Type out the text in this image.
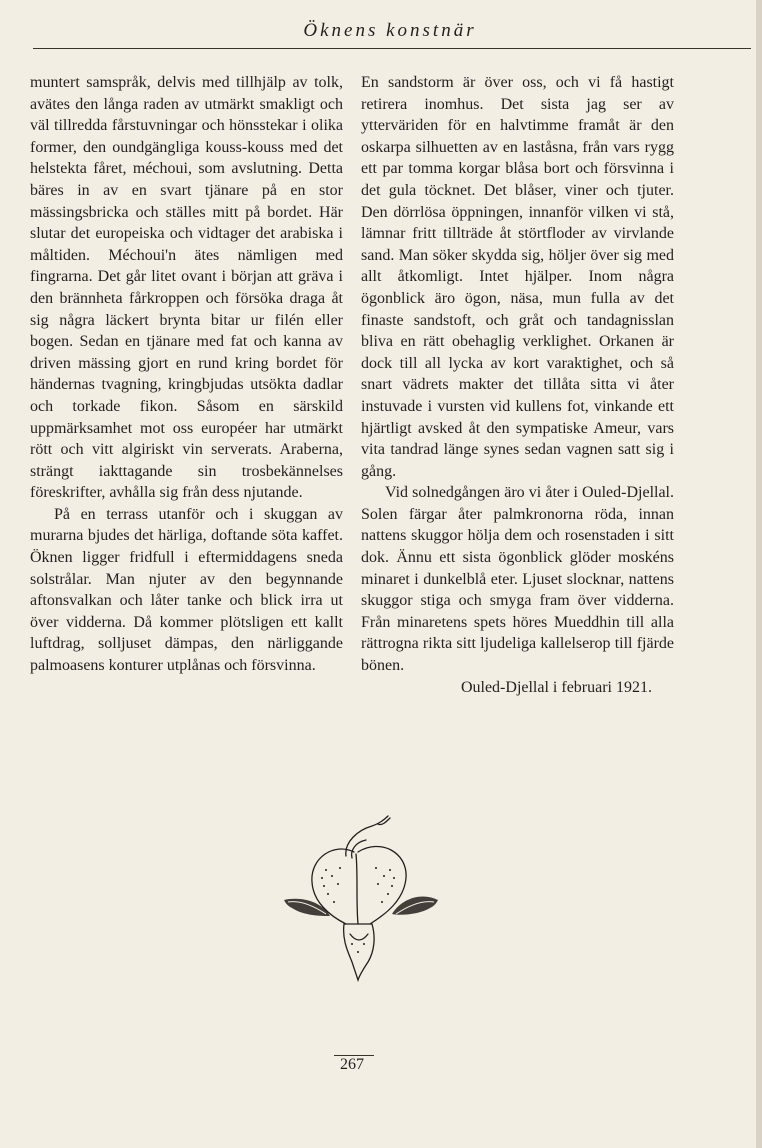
Öknens konstnär

muntert samspråk, delvis med tillhjälp av tolk, avätes den långa raden av utmärkt smakligt och väl tillredda fårstuvningar och hönsstekar i olika former, den oundgängliga kouss-kouss med det helstekta fåret, méchoui, som avslutning. Detta bäres in av en svart tjänare på en stor mässingsbricka och ställes mitt på bordet. Här slutar det europeiska och vidtager det arabiska i måltiden. Méchoui'n ätes nämligen med fingrarna. Det går litet ovant i början att gräva i den brännheta fårkroppen och försöka draga åt sig några läckert brynta bitar ur filén eller bogen. Sedan en tjänare med fat och kanna av driven mässing gjort en rund kring bordet för händernas tvagning, kringbjudas utsökta dadlar och torkade fikon. Såsom en särskild uppmärksamhet mot oss européer har utmärkt rött och vitt algiriskt vin serverats. Araberna, strängt iakttagande sin trosbekännelses föreskrifter, avhålla sig från dess njutande.

På en terrass utanför och i skuggan av murarna bjudes det härliga, doftande söta kaffet. Öknen ligger fridfull i eftermiddagens sneda solstrålar. Man njuter av den begynnande aftonsvalkan och låter tanke och blick irra ut över vidderna. Då kommer plötsligen ett kallt luftdrag, solljuset dämpas, den närliggande palmoasens konturer utplånas och försvinna.

En sandstorm är över oss, och vi få hastigt retirera inomhus. Det sista jag ser av ytterväriden för en halvtimme framåt är den oskarpa silhuetten av en laståsna, från vars rygg ett par tomma korgar blåsa bort och försvinna i det gula töcknet. Det blåser, viner och tjuter. Den dörrlösa öppningen, innanför vilken vi stå, lämnar fritt tillträde åt störtfloder av virvlande sand. Man söker skydda sig, höljer över sig med allt åtkomligt. Intet hjälper. Inom några ögonblick äro ögon, näsa, mun fulla av det finaste sandstoft, och gråt och tandagnisslan bliva en rätt obehaglig verklighet. Orkanen är dock till all lycka av kort varaktighet, och så snart vädrets makter det tillåta sitta vi åter instuvade i vursten vid kullens fot, vinkande ett hjärtligt avsked åt den sympatiske Ameur, vars vita tandrad länge synes sedan vagnen satt sig i gång.

Vid solnedgången äro vi åter i Ouled-Djellal. Solen färgar åter palmkronorna röda, innan nattens skuggor hölja dem och rosenstaden i sitt dok. Ännu ett sista ögonblick glöder moskéns minaret i dunkelblå eter. Ljuset slocknar, nattens skuggor stiga och smyga fram över vidderna. Från minaretens spets höres Mueddhin till alla rättrogna rikta sitt ljudeliga kallelserop till fjärde bönen.

Ouled-Djellal i februari 1921.

267
